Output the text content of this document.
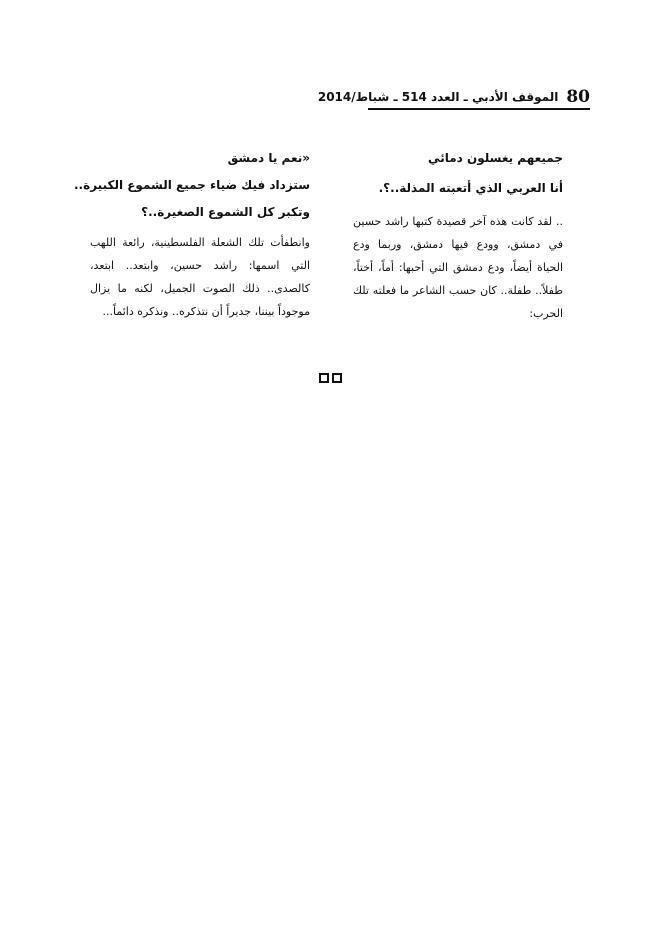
80
الموقف الأدبي ـ العدد 514 ـ شباط/2014

جميعهم يغسلون دمائي

أنا العربي الذي أتعبته المذلة..؟.

.. لقد كانت هذه آخر قصيدة كتبها راشد حسين في دمشق، وودع فيها دمشق، وربما ودع الحياة أيضاً، ودع دمشق التي أحبها: أماً، أختاً، طفلاً.. طفلة.. كان حسب الشاعر ما فعلته تلك الحرب:

«نعم يا دمشق

ستزداد فيك ضياء جميع الشموع الكبيرة..

وتكبر كل الشموع الصغيرة..؟

وانطفأت تلك الشعلة الفلسطينية، رائعة اللهب التي اسمها: راشد حسين، وابتعد.. ابتعد، كالصدى.. ذلك الصوت الجميل، لكنه ما يزال موجوداً بيننا، جديراً أن نتذكره.. ونذكره دائماً...
